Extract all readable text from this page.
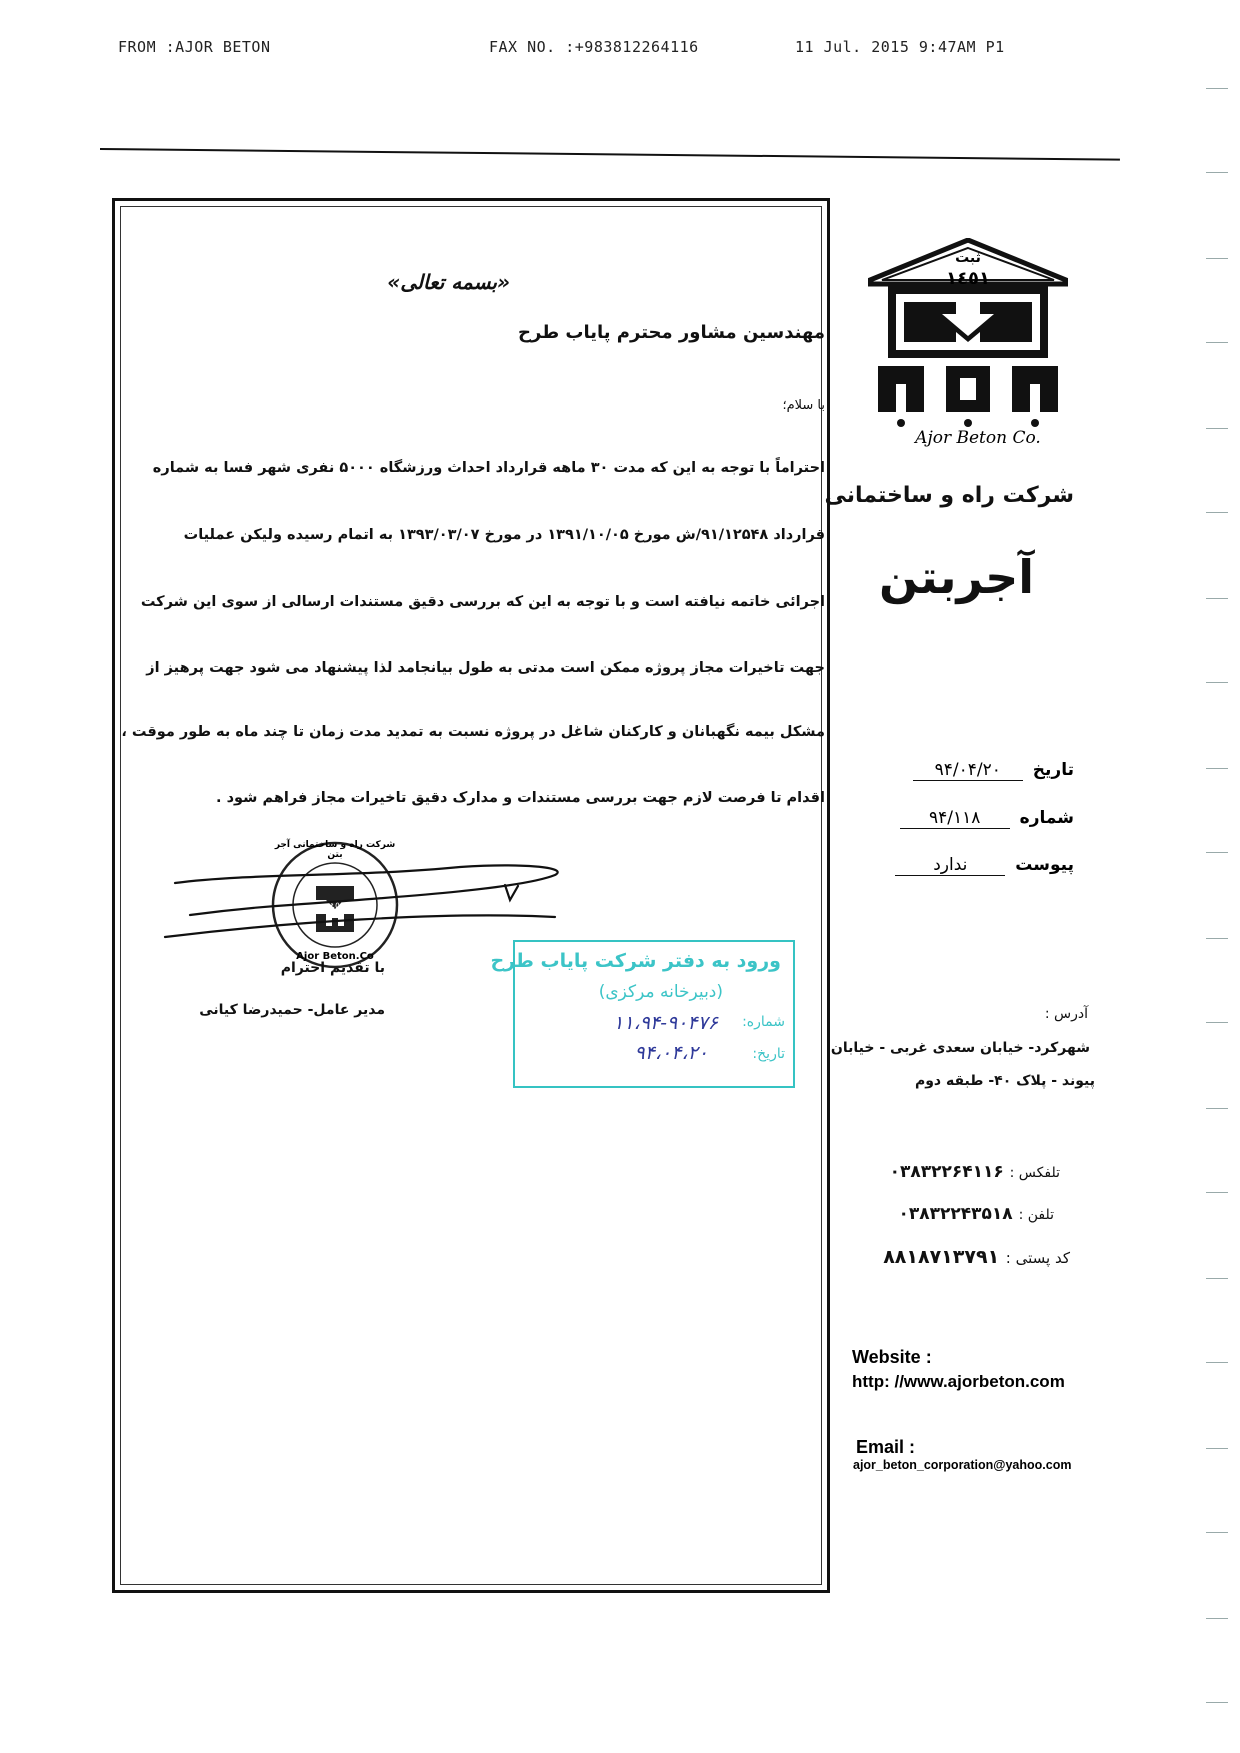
FROM :AJOR BETON	FAX NO. :+983812264116	11 Jul. 2015 9:47AM P1
«بسمه تعالی»
مهندسین مشاور محترم پایاب طرح
با سلام؛
احتراماً با توجه به این که مدت ۳۰ ماهه قرارداد احداث ورزشگاه ۵۰۰۰ نفری شهر فسا به شماره
قرارداد ۹۱/۱۲۵۴۸/ش مورخ ۱۳۹۱/۱۰/۰۵ در مورخ ۱۳۹۳/۰۳/۰۷ به اتمام رسیده ولیکن عملیات
اجرائی خاتمه نیافته است و با توجه به این که بررسی دقیق مستندات ارسالی از سوی این شرکت
جهت تاخیرات مجاز پروژه ممکن است مدتی به طول بیانجامد لذا پیشنهاد می شود جهت پرهیز از
مشکل بیمه نگهبانان و کارکنان شاغل در پروژه نسبت به تمدید مدت زمان تا چند ماه به طور موقت ،
اقدام تا فرصت لازم جهت بررسی مستندات و مدارک دقیق تاخیرات مجاز فراهم شود .
١٤٥١
شرکت راه و ساختمانی آجر بتن
Ajor Beton.Co
با تقدیم احترام
مدیر عامل- حمیدرضا کیانی
ورود به دفتر شرکت پایاب طرح
(دبیرخانه مرکزی)
شماره:
۱۱،۹۴-۹۰۴۷۶
تاریخ:
۹۴،۰۴،۲۰
ثبت
١٤٥١
Ajor Beton Co.
شرکت راه و ساختمانی
آجربتن
تاریخ۹۴/۰۴/۲۰
شماره۹۴/۱۱۸
پیوستندارد
آدرس :
شهرکرد- خیابان سعدی غربی - خیابان
پیوند - پلاک ۴۰- طبقه دوم
تلفکس : ۰۳۸۳۲۲۶۴۱۱۶
تلفن : ۰۳۸۳۲۲۴۳۵۱۸
کد پستی : ۸۸۱۸۷۱۳۷۹۱
Website :
http: //www.ajorbeton.com
Email :
ajor_beton_corporation@yahoo.com
